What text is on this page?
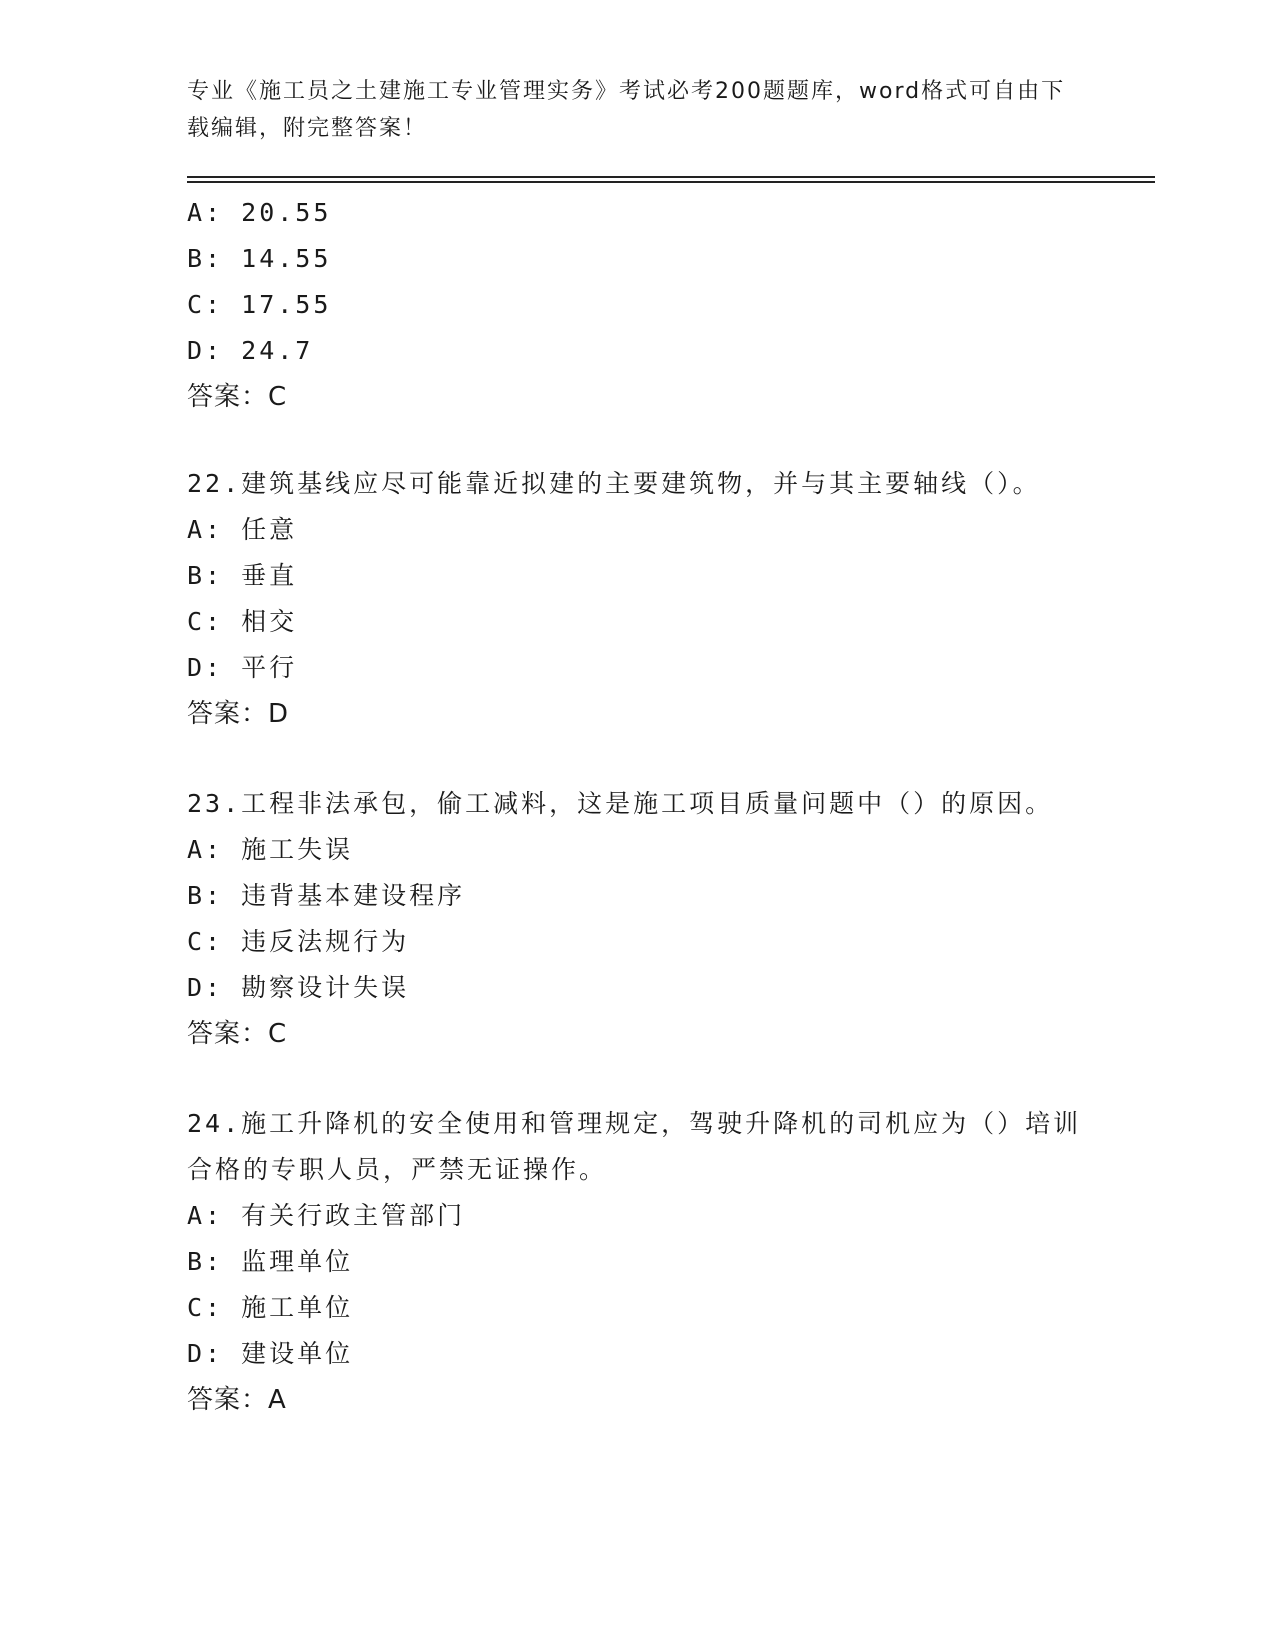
专业《施工员之土建施工专业管理实务》考试必考200题题库，word格式可自由下载编辑，附完整答案！
A: 20.55
B: 14.55
C: 17.55
D: 24.7
答案：C
22.建筑基线应尽可能靠近拟建的主要建筑物，并与其主要轴线（）。
A: 任意
B: 垂直
C: 相交
D: 平行
答案：D
23.工程非法承包，偷工减料，这是施工项目质量问题中（）的原因。
A: 施工失误
B: 违背基本建设程序
C: 违反法规行为
D: 勘察设计失误
答案：C
24.施工升降机的安全使用和管理规定，驾驶升降机的司机应为（）培训合格的专职人员，严禁无证操作。
A: 有关行政主管部门
B: 监理单位
C: 施工单位
D: 建设单位
答案：A
